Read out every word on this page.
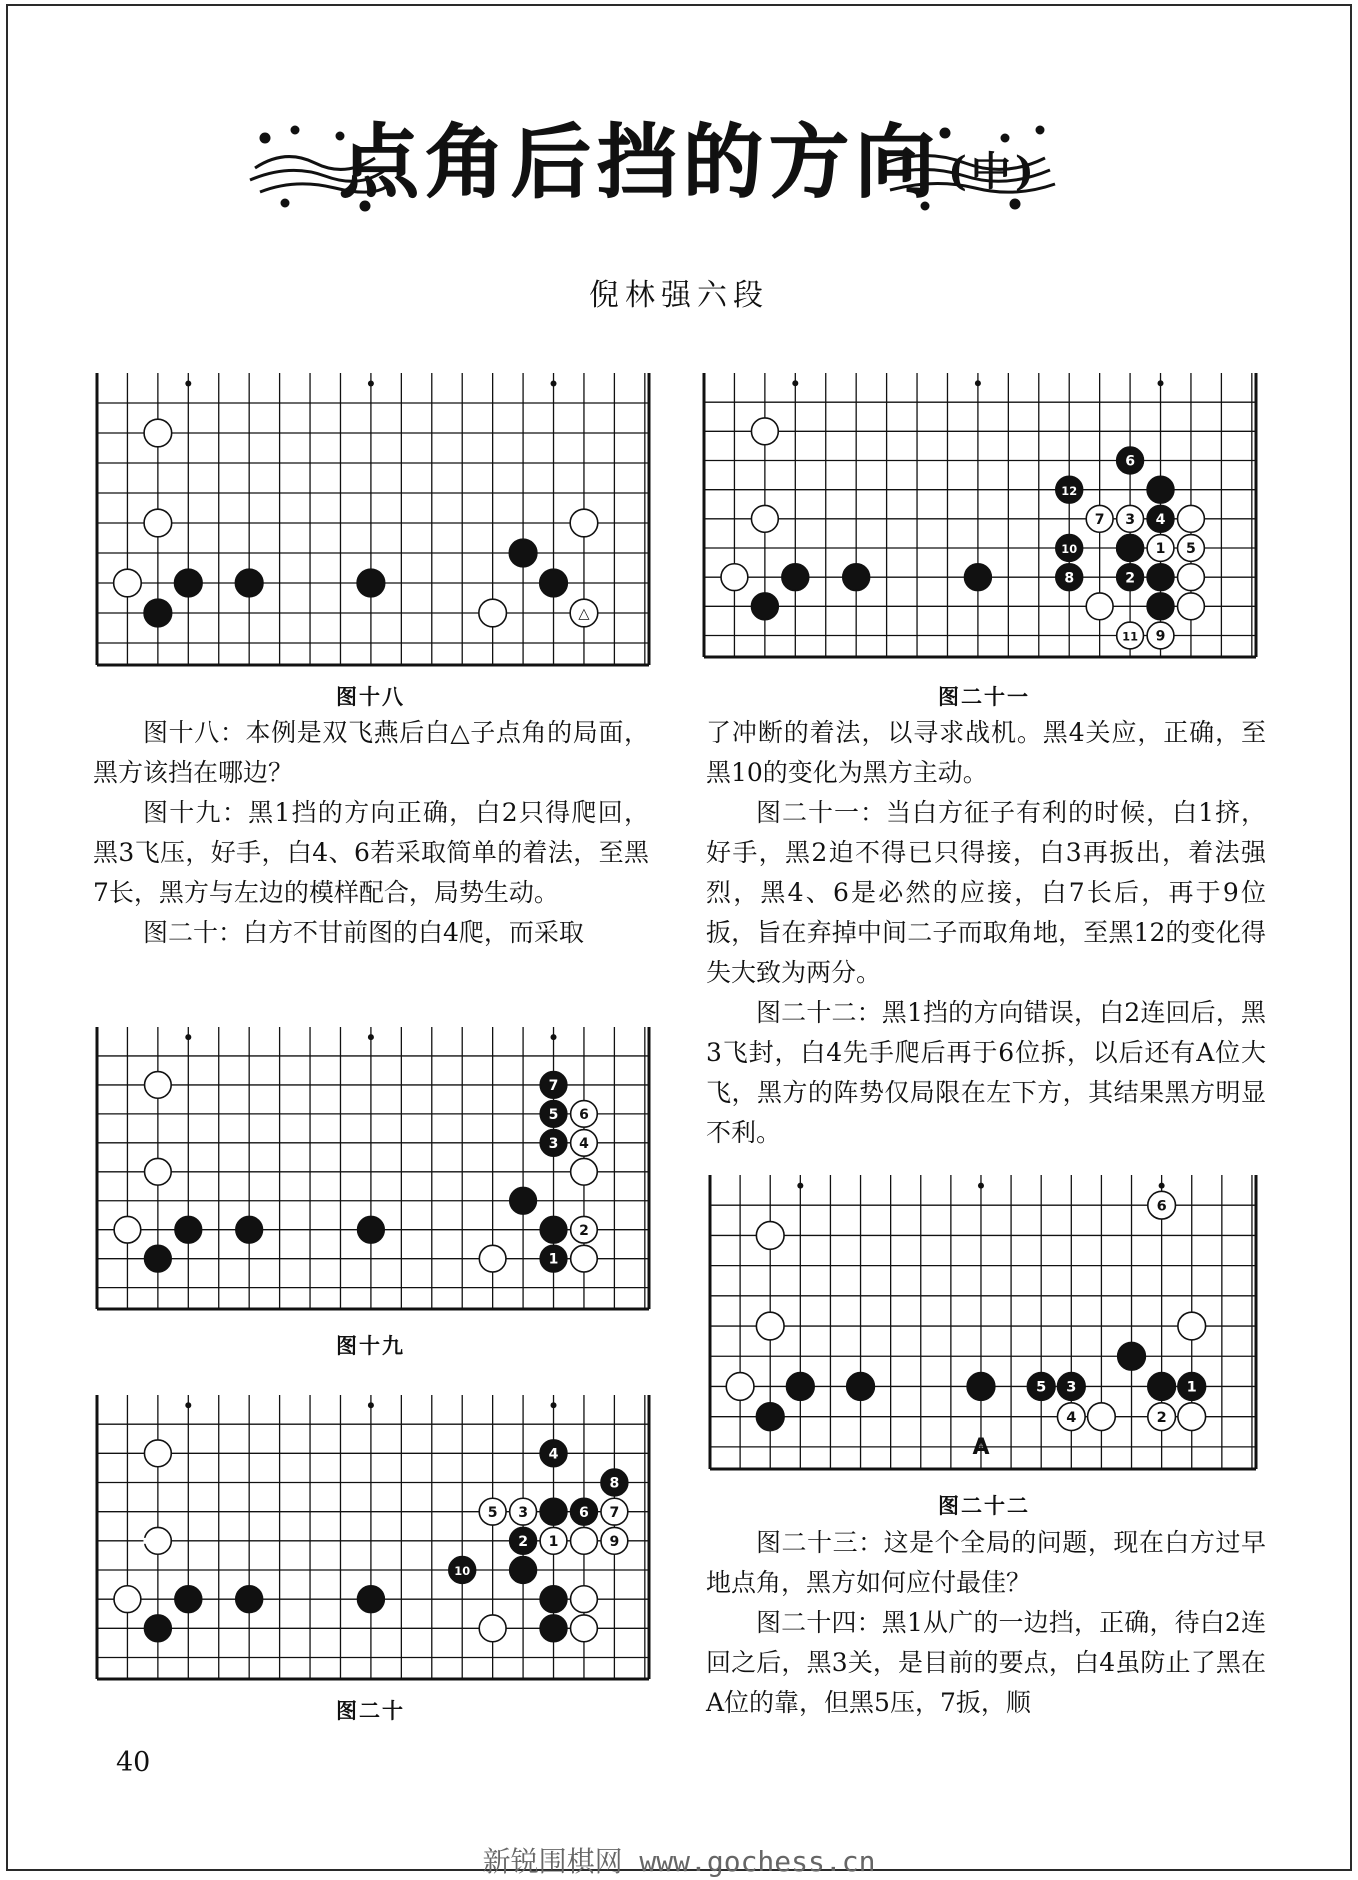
点角后挡的方向 (中)
倪林强六段
△
图十八
1
2
3 4
5
6
7
8
9
10
11
12
图二十一
1
2
3 4
5 6
7
图十九
1
2
3
4
5	6 7
8
9
10
图二十
1
2
3
4
5
6
A
图二十二

图十八：本例是双飞燕后白△子点角的局面，黑方该挡在哪边？

图十九：黑1挡的方向正确，白2只得爬回，黑3飞压，好手，白4、6若采取简单的着法，至黑7长，黑方与左边的模样配合，局势生动。

图二十：白方不甘前图的白4爬，而采取

了冲断的着法，以寻求战机。黑4关应，正确，至黑10的变化为黑方主动。

图二十一：当白方征子有利的时候，白1挤，好手，黑2迫不得已只得接，白3再扳出，着法强烈，黑4、6是必然的应接，白7长后，再于9位扳，旨在弃掉中间二子而取角地，至黑12的变化得失大致为两分。

图二十二：黑1挡的方向错误，白2连回后，黑3飞封，白4先手爬后再于6位拆，以后还有A位大飞，黑方的阵势仅局限在左下方，其结果黑方明显不利。

图二十三：这是个全局的问题，现在白方过早地点角，黑方如何应付最佳？

图二十四：黑1从广的一边挡，正确，待白2连回之后，黑3关，是目前的要点，白4虽防止了黑在A位的靠，但黑5压，7扳，顺

40
新锐围棋网 www.gochess.cn
